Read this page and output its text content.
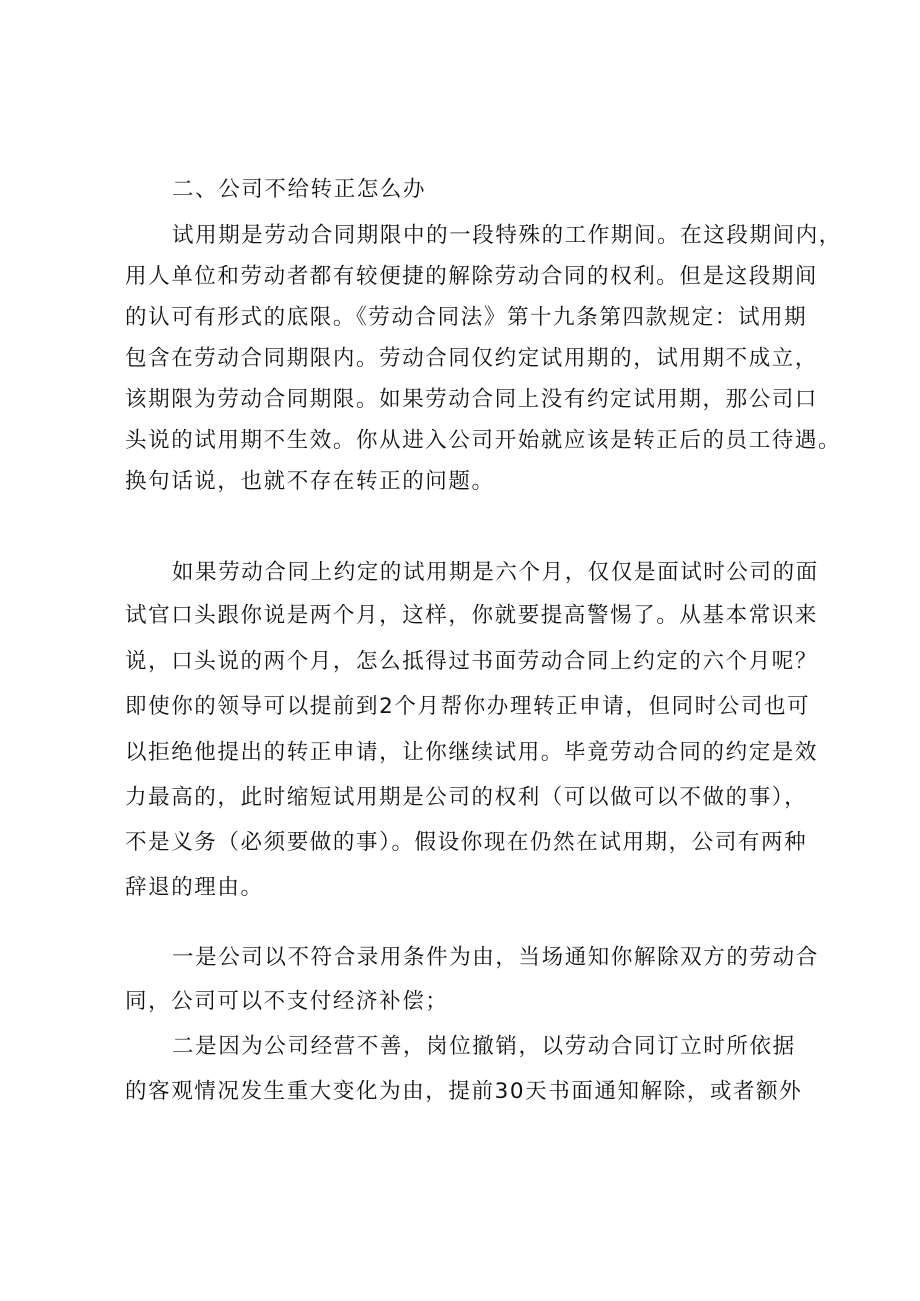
二、公司不给转正怎么办
试用期是劳动合同期限中的一段特殊的工作期间。在这段期间内，
用人单位和劳动者都有较便捷的解除劳动合同的权利。但是这段期间
的认可有形式的底限。《劳动合同法》第十九条第四款规定：试用期
包含在劳动合同期限内。劳动合同仅约定试用期的，试用期不成立，
该期限为劳动合同期限。如果劳动合同上没有约定试用期，那公司口
头说的试用期不生效。你从进入公司开始就应该是转正后的员工待遇。
换句话说，也就不存在转正的问题。
如果劳动合同上约定的试用期是六个月，仅仅是面试时公司的面
试官口头跟你说是两个月，这样，你就要提高警惕了。从基本常识来
说，口头说的两个月，怎么抵得过书面劳动合同上约定的六个月呢？
即使你的领导可以提前到2个月帮你办理转正申请，但同时公司也可
以拒绝他提出的转正申请，让你继续试用。毕竟劳动合同的约定是效
力最高的，此时缩短试用期是公司的权利（可以做可以不做的事），
不是义务（必须要做的事）。假设你现在仍然在试用期，公司有两种
辞退的理由。
一是公司以不符合录用条件为由，当场通知你解除双方的劳动合
同，公司可以不支付经济补偿；
二是因为公司经营不善，岗位撤销，以劳动合同订立时所依据
的客观情况发生重大变化为由，提前30天书面通知解除，或者额外
